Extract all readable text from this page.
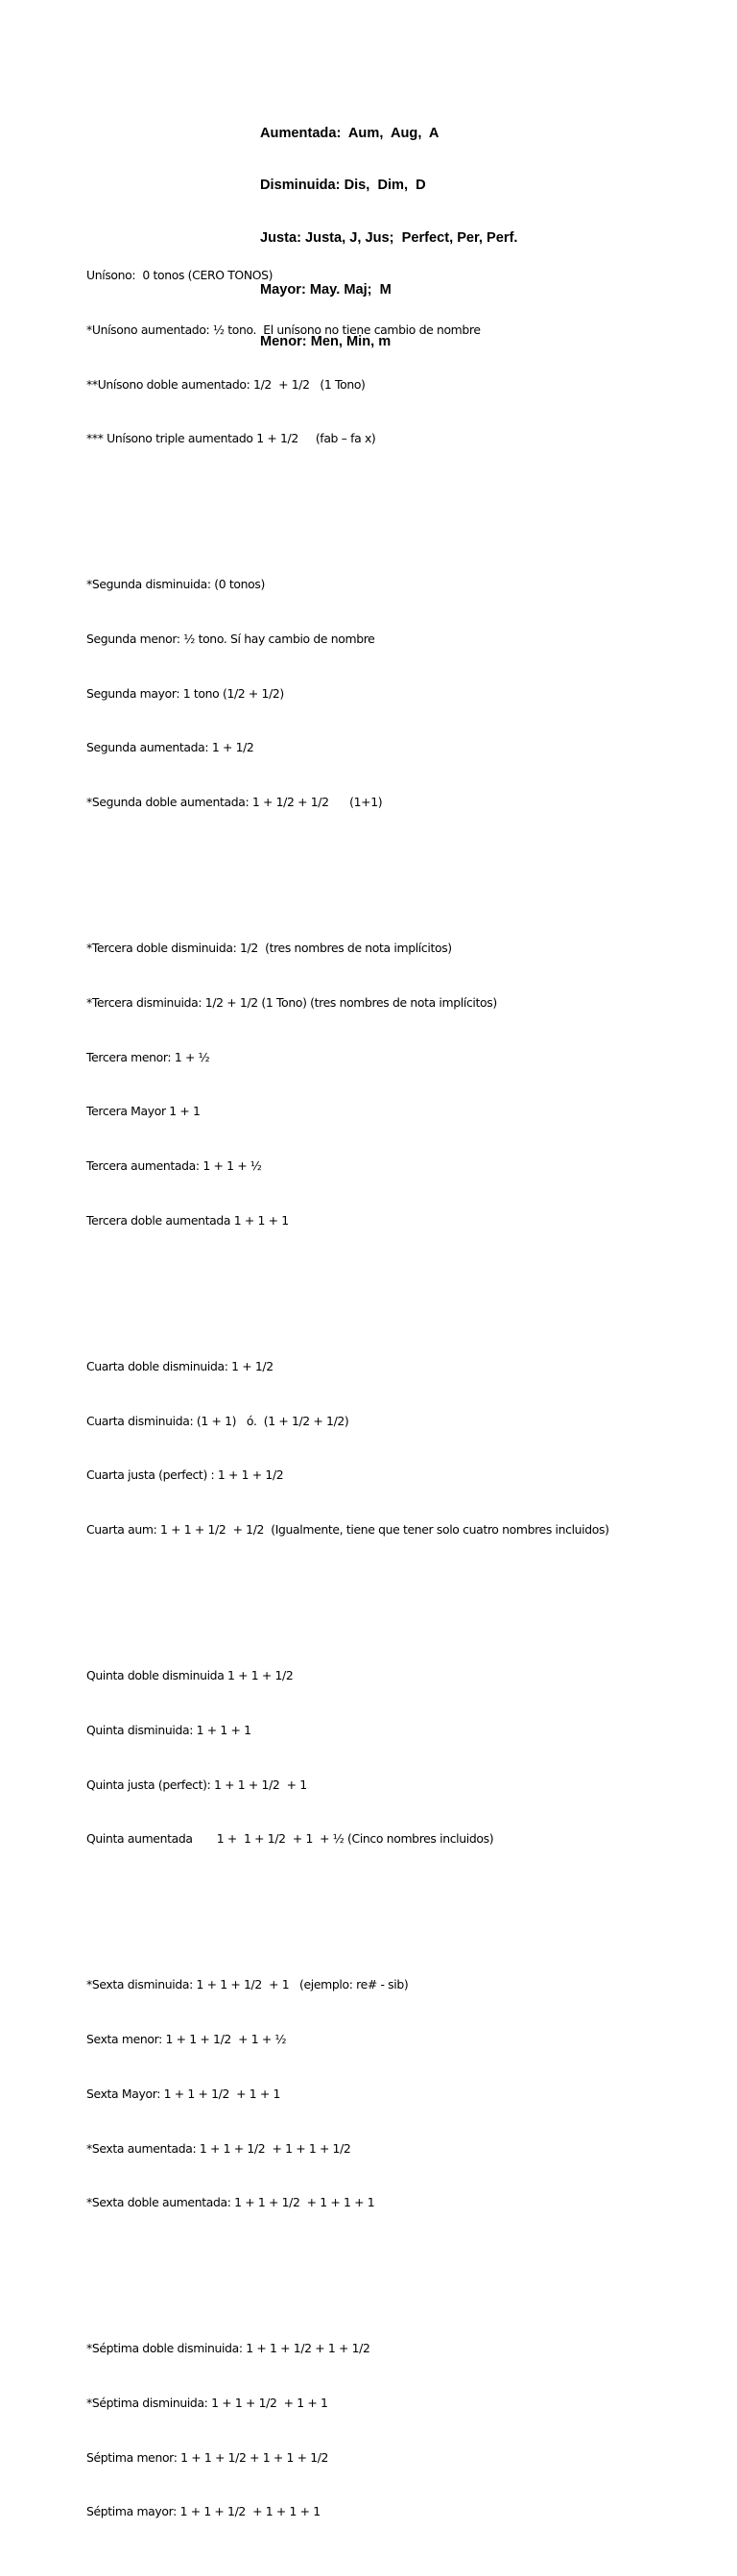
Aumentada:  Aum,  Aug,  A

Disminuida: Dis,  Dim,  D

Justa: Justa, J, Jus;  Perfect, Per, Perf.

Mayor: May. Maj;  M

Menor: Men, Min, m

Unísono:  0 tonos (CERO TONOS)

*Unísono aumentado: ½ tono.  El unísono no tiene cambio de nombre

**Unísono doble aumentado: 1/2  + 1/2   (1 Tono)

*** Unísono triple aumentado 1 + 1/2     (fab – fa x)

*Segunda disminuida: (0 tonos)

Segunda menor: ½ tono. Sí hay cambio de nombre

Segunda mayor: 1 tono (1/2 + 1/2)

Segunda aumentada: 1 + 1/2

*Segunda doble aumentada: 1 + 1/2 + 1/2      (1+1)

*Tercera doble disminuida: 1/2  (tres nombres de nota implícitos)

*Tercera disminuida: 1/2 + 1/2 (1 Tono) (tres nombres de nota implícitos)

Tercera menor: 1 + ½

Tercera Mayor 1 + 1

Tercera aumentada: 1 + 1 + ½

Tercera doble aumentada 1 + 1 + 1

Cuarta doble disminuida: 1 + 1/2

Cuarta disminuida: (1 + 1)   ó.  (1 + 1/2 + 1/2)

Cuarta justa (perfect) : 1 + 1 + 1/2

Cuarta aum: 1 + 1 + 1/2  + 1/2  (Igualmente, tiene que tener solo cuatro nombres incluidos)

Quinta doble disminuida 1 + 1 + 1/2

Quinta disminuida: 1 + 1 + 1

Quinta justa (perfect): 1 + 1 + 1/2  + 1

Quinta aumentada       1 +  1 + 1/2  + 1  + ½ (Cinco nombres incluidos)

*Sexta disminuida: 1 + 1 + 1/2  + 1   (ejemplo: re# - sib)

Sexta menor: 1 + 1 + 1/2  + 1 + ½

Sexta Mayor: 1 + 1 + 1/2  + 1 + 1

*Sexta aumentada: 1 + 1 + 1/2  + 1 + 1 + 1/2

*Sexta doble aumentada: 1 + 1 + 1/2  + 1 + 1 + 1

*Séptima doble disminuida: 1 + 1 + 1/2 + 1 + 1/2

*Séptima disminuida: 1 + 1 + 1/2  + 1 + 1

Séptima menor: 1 + 1 + 1/2 + 1 + 1 + 1/2

Séptima mayor: 1 + 1 + 1/2  + 1 + 1 + 1
